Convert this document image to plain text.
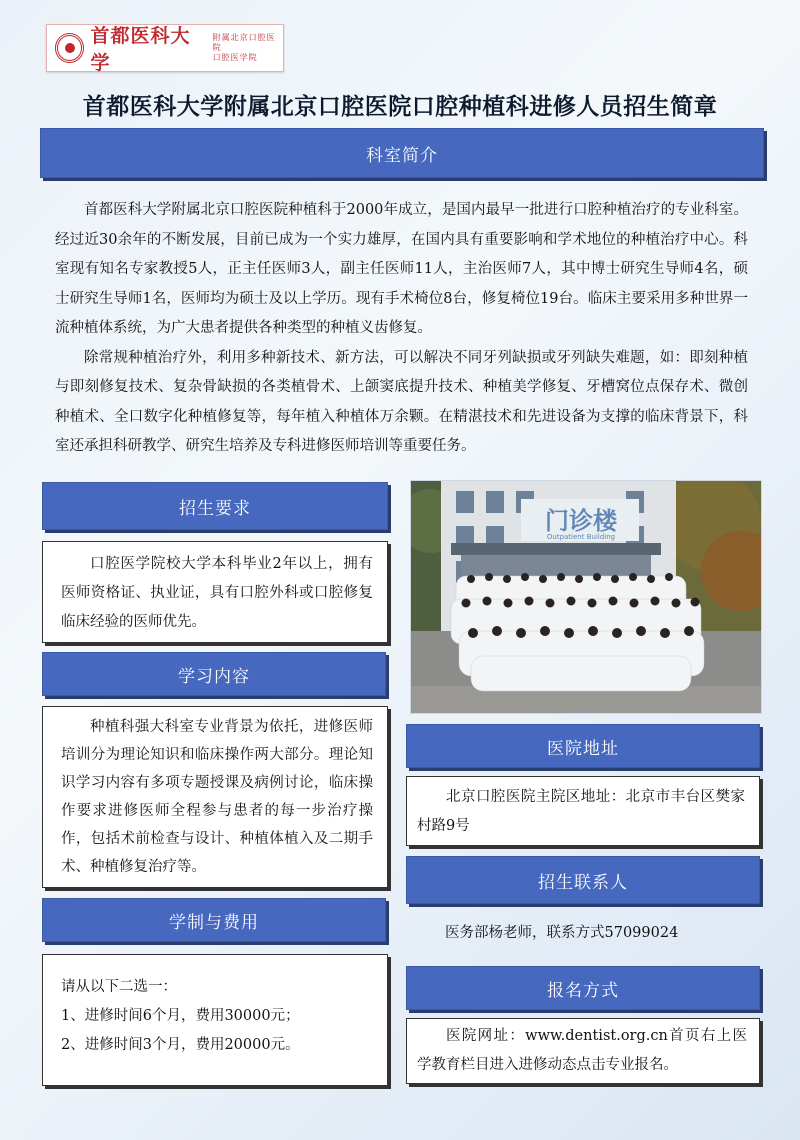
首都医科大学
附属北京口腔医院
口腔医学院
首都医科大学附属北京口腔医院口腔种植科进修人员招生简章
科室简介

首都医科大学附属北京口腔医院种植科于2000年成立，是国内最早一批进行口腔种植治疗的专业科室。经过近30余年的不断发展，目前已成为一个实力雄厚，在国内具有重要影响和学术地位的种植治疗中心。科室现有知名专家教授5人，正主任医师3人，副主任医师11人，主治医师7人，其中博士研究生导师4名，硕士研究生导师1名，医师均为硕士及以上学历。现有手术椅位8台，修复椅位19台。临床主要采用多种世界一流种植体系统，为广大患者提供各种类型的种植义齿修复。

除常规种植治疗外，利用多种新技术、新方法，可以解决不同牙列缺损或牙列缺失难题，如：即刻种植与即刻修复技术、复杂骨缺损的各类植骨术、上颌窦底提升技术、种植美学修复、牙槽窝位点保存术、微创种植术、全口数字化种植修复等，每年植入种植体万余颗。在精湛技术和先进设备为支撑的临床背景下，科室还承担科研教学、研究生培养及专科进修医师培训等重要任务。

招生要求

口腔医学院校大学本科毕业2年以上，拥有医师资格证、执业证，具有口腔外科或口腔修复临床经验的医师优先。

门诊楼
Outpatient Building
学习内容

种植科强大科室专业背景为依托，进修医师培训分为理论知识和临床操作两大部分。理论知识学习内容有多项专题授课及病例讨论，临床操作要求进修医师全程参与患者的每一步治疗操作，包括术前检查与设计、种植体植入及二期手术、种植修复治疗等。

学制与费用

请从以下二选一：

1、进修时间6个月，费用30000元；

2、进修时间3个月，费用20000元。

医院地址

北京口腔医院主院区地址：北京市丰台区樊家村路9号

招生联系人

医务部杨老师，联系方式57099024

报名方式

医院网址：www.dentist.org.cn首页右上医学教育栏目进入进修动态点击专业报名。
